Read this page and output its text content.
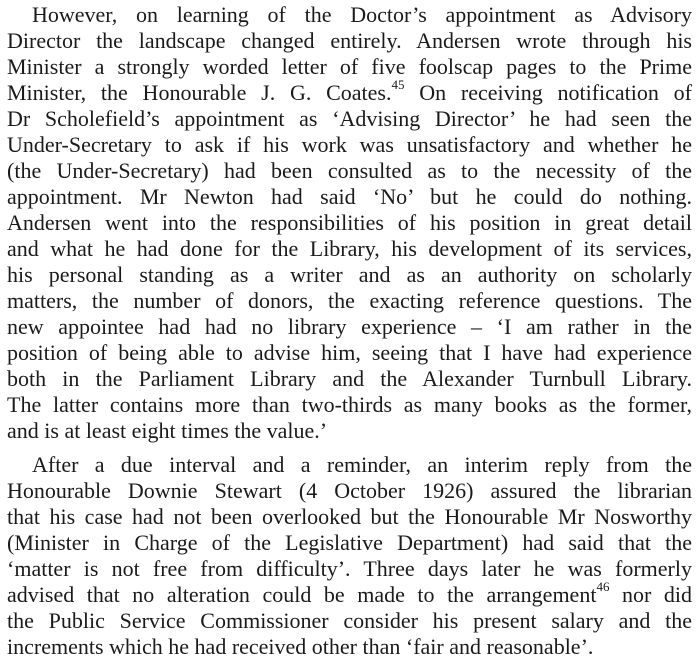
However, on learning of the Doctor’s appointment as Advisory
Director the landscape changed entirely. Andersen wrote through his
Minister a strongly worded letter of five foolscap pages to the Prime
Minister, the Honourable J. G. Coates.$^{45}$ On receiving notification of
Dr Scholefield’s appointment as ‘Advising Director’ he had seen the
Under-Secretary to ask if his work was unsatisfactory and whether he
(the Under-Secretary) had been consulted as to the necessity of the
appointment. Mr Newton had said ‘No’ but he could do nothing.
Andersen went into the responsibilities of his position in great detail
and what he had done for the Library, his development of its services,
his personal standing as a writer and as an authority on scholarly
matters, the number of donors, the exacting reference questions. The
new appointee had had no library experience – ‘I am rather in the
position of being able to advise him, seeing that I have had experience
both in the Parliament Library and the Alexander Turnbull Library.
The latter contains more than two-thirds as many books as the former,
and is at least eight times the value.’
After a due interval and a reminder, an interim reply from the
Honourable Downie Stewart (4 October 1926) assured the librarian
that his case had not been overlooked but the Honourable Mr Nosworthy
(Minister in Charge of the Legislative Department) had said that the
‘matter is not free from difficulty’. Three days later he was formerly
advised that no alteration could be made to the arrangement$^{46}$ nor did
the Public Service Commissioner consider his present salary and the
increments which he had received other than ‘fair and reasonable’.
